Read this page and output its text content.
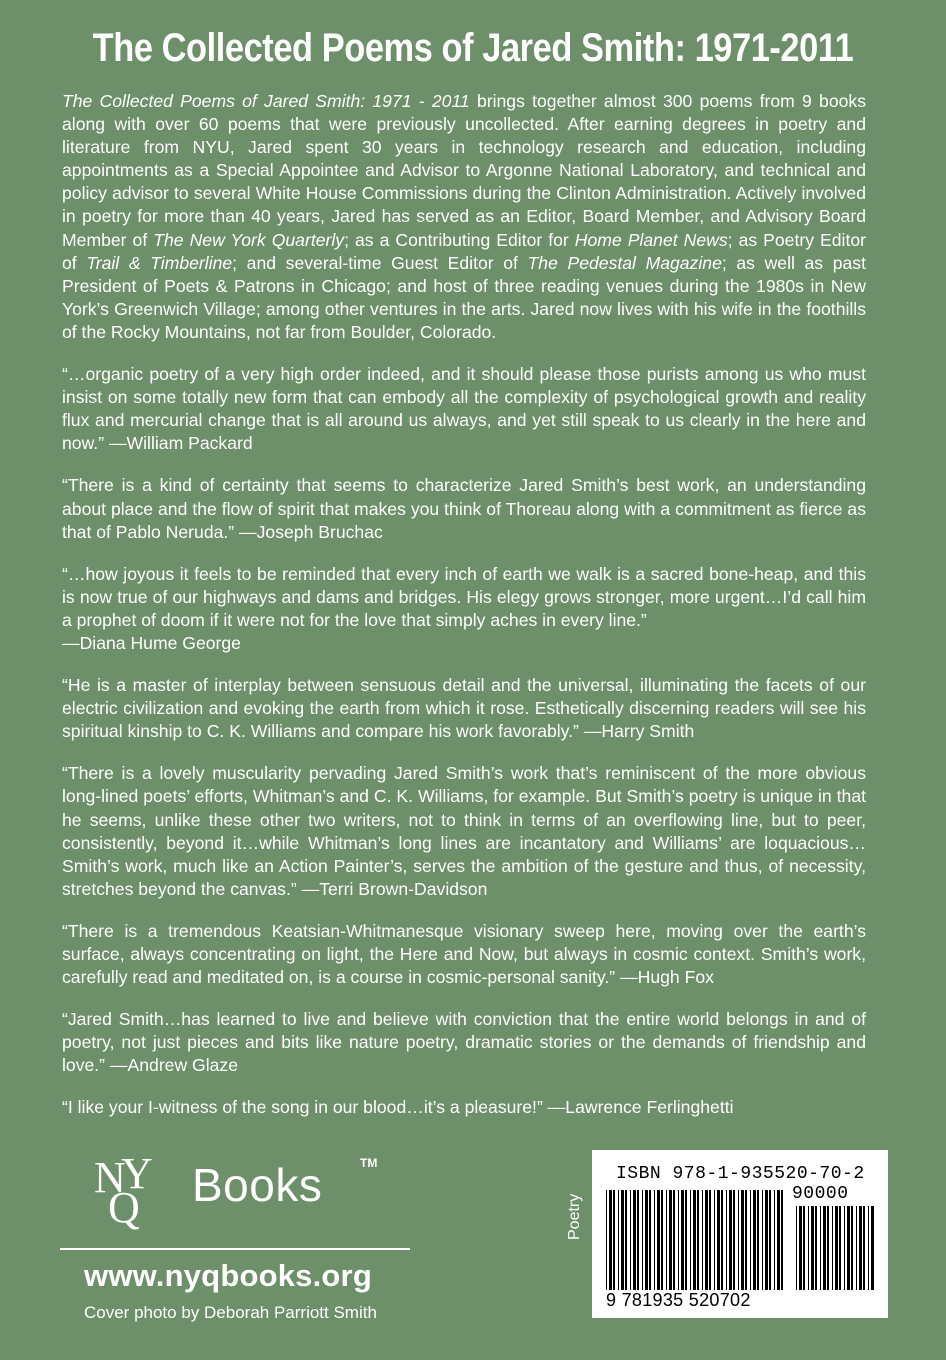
The Collected Poems of Jared Smith: 1971-2011

The Collected Poems of Jared Smith: 1971 - 2011 brings together almost 300 poems from 9 books along with over 60 poems that were previously uncollected. After earning degrees in poetry and literature from NYU, Jared spent 30 years in technology research and education, including appointments as a Special Appointee and Advisor to Argonne National Laboratory, and technical and policy advisor to several White House Commissions during the Clinton Administration. Actively involved in poetry for more than 40 years, Jared has served as an Editor, Board Member, and Advisory Board Member of The New York Quarterly; as a Contributing Editor for Home Planet News; as Poetry Editor of Trail & Timberline; and several-time Guest Editor of The Pedestal Magazine; as well as past President of Poets & Patrons in Chicago; and host of three reading venues during the 1980s in New York’s Greenwich Village; among other ventures in the arts. Jared now lives with his wife in the foothills of the Rocky Mountains, not far from Boulder, Colorado.

“…organic poetry of a very high order indeed, and it should please those purists among us who must insist on some totally new form that can embody all the complexity of psychological growth and reality flux and mercurial change that is all around us always, and yet still speak to us clearly in the here and now.” —William Packard

“There is a kind of certainty that seems to characterize Jared Smith’s best work, an understanding about place and the flow of spirit that makes you think of Thoreau along with a commitment as fierce as that of Pablo Neruda.” —Joseph Bruchac

“…how joyous it feels to be reminded that every inch of earth we walk is a sacred bone-heap, and this is now true of our highways and dams and bridges. His elegy grows stronger, more urgent…I’d call him a prophet of doom if it were not for the love that simply aches in every line.”
—Diana Hume George

“He is a master of interplay between sensuous detail and the universal, illuminating the facets of our electric civilization and evoking the earth from which it rose. Esthetically discerning readers will see his spiritual kinship to C. K. Williams and compare his work favorably.” —Harry Smith

“There is a lovely muscularity pervading Jared Smith’s work that’s reminiscent of the more obvious long-lined poets’ efforts, Whitman’s and C. K. Williams, for example. But Smith’s poetry is unique in that he seems, unlike these other two writers, not to think in terms of an overflowing line, but to peer, consistently, beyond it…while Whitman’s long lines are incantatory and Williams’ are loquacious…Smith’s work, much like an Action Painter’s, serves the ambition of the gesture and thus, of necessity, stretches beyond the canvas.” —Terri Brown-Davidson

“There is a tremendous Keatsian-Whitmanesque visionary sweep here, moving over the earth’s surface, always concentrating on light, the Here and Now, but always in cosmic context. Smith’s work, carefully read and meditated on, is a course in cosmic-personal sanity.” —Hugh Fox

“Jared Smith…has learned to live and believe with conviction that the entire world belongs in and of poetry, not just pieces and bits like nature poetry, dramatic stories or the demands of friendship and love.” —Andrew Glaze

“I like your I-witness of the song in our blood…it’s a pleasure!” —Lawrence Ferlinghetti

N
Y
Q Books	TM
www.nyqbooks.org
Cover photo by Deborah Parriott Smith
Poetry
ISBN 978-1-935520-70-2
90000
9 781935 520702
